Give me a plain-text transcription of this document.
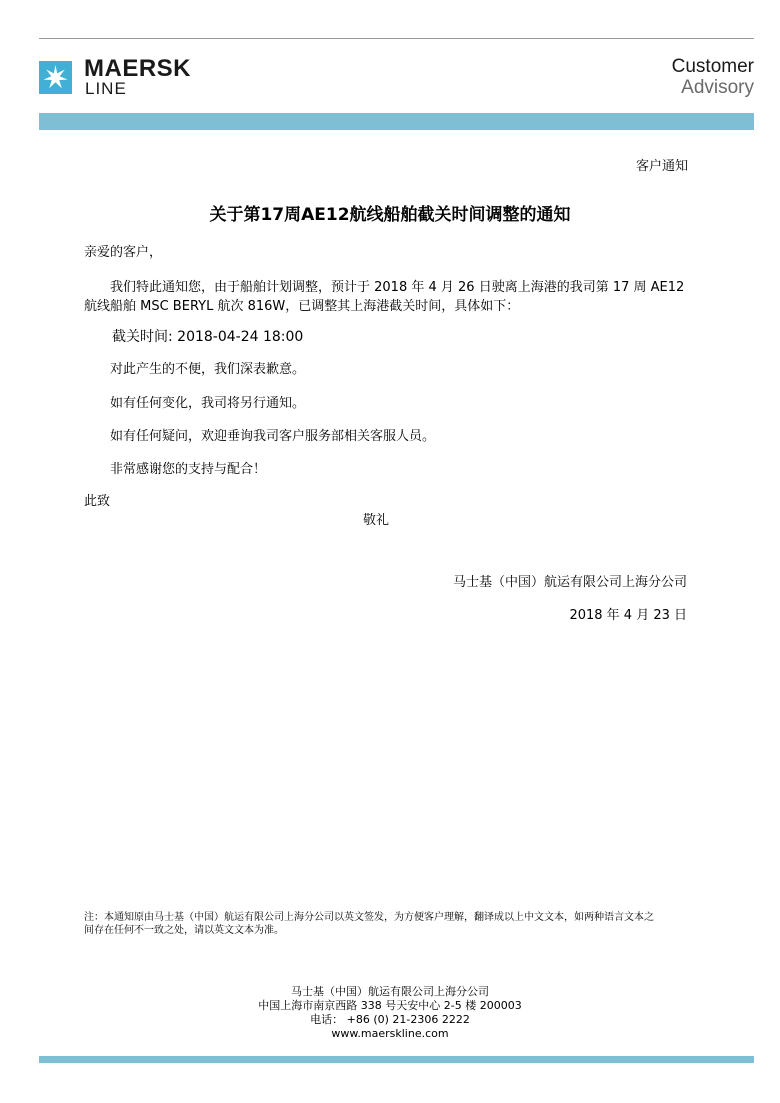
MAERSK
LINE
Customer
Advisory
客户通知
关于第17周AE12航线船舶截关时间调整的通知
亲爱的客户，
我们特此通知您，由于船舶计划调整，预计于 2018 年 4 月 26 日驶离上海港的我司第 17 周 AE12
航线船舶 MSC BERYL 航次 816W，已调整其上海港截关时间，具体如下：
截关时间: 2018-04-24 18:00
对此产生的不便，我们深表歉意。
如有任何变化，我司将另行通知。
如有任何疑问，欢迎垂询我司客户服务部相关客服人员。
非常感谢您的支持与配合！
此致
敬礼
马士基（中国）航运有限公司上海分公司
2018 年 4 月 23 日
注：本通知原由马士基（中国）航运有限公司上海分公司以英文签发，为方便客户理解，翻译成以上中文文本，如两种语言文本之
间存在任何不一致之处，请以英文文本为准。
马士基（中国）航运有限公司上海分公司
中国上海市南京西路 338 号天安中心 2-5 楼 200003
电话： +86 (0) 21-2306 2222
www.maerskline.com
